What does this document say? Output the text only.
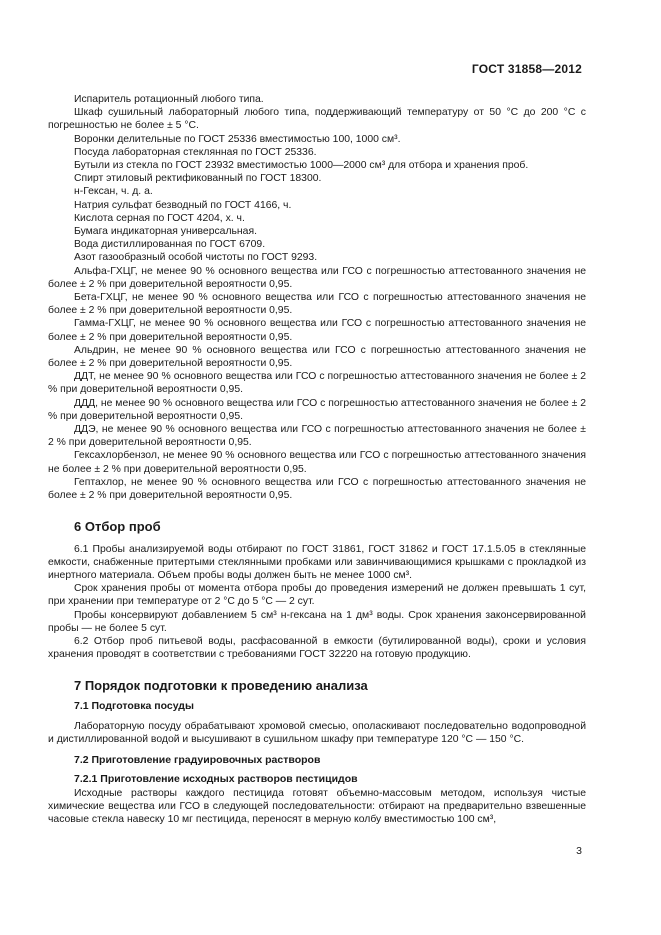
ГОСТ 31858—2012

Испаритель ротационный любого типа.

Шкаф сушильный лабораторный любого типа, поддерживающий температуру от 50 °С до 200 °С с погрешностью не более ± 5 °С.

Воронки делительные по ГОСТ 25336 вместимостью 100, 1000 см³.

Посуда лабораторная стеклянная по ГОСТ 25336.

Бутыли из стекла по ГОСТ 23932 вместимостью 1000—2000 см³ для отбора и хранения проб.

Спирт этиловый ректификованный по ГОСТ 18300.

н-Гексан, ч. д. а.

Натрия сульфат безводный по ГОСТ 4166, ч.

Кислота серная по ГОСТ 4204, х. ч.

Бумага индикаторная универсальная.

Вода дистиллированная по ГОСТ 6709.

Азот газообразный особой чистоты по ГОСТ 9293.

Альфа-ГХЦГ, не менее 90 % основного вещества или ГСО с погрешностью аттестованного значения не более ± 2 % при доверительной вероятности 0,95.

Бета-ГХЦГ, не менее 90 % основного вещества или ГСО с погрешностью аттестованного значения не более ± 2 % при доверительной вероятности 0,95.

Гамма-ГХЦГ, не менее 90 % основного вещества или ГСО с погрешностью аттестованного значения не более ± 2 % при доверительной вероятности 0,95.

Альдрин, не менее 90 % основного вещества или ГСО с погрешностью аттестованного значения не более ± 2 % при доверительной вероятности 0,95.

ДДТ, не менее 90 % основного вещества или ГСО с погрешностью аттестованного значения не более ± 2 % при доверительной вероятности 0,95.

ДДД, не менее 90 % основного вещества или ГСО с погрешностью аттестованного значения не более ± 2 % при доверительной вероятности 0,95.

ДДЭ, не менее 90 % основного вещества или ГСО с погрешностью аттестованного значения не более ± 2 % при доверительной вероятности 0,95.

Гексахлорбензол, не менее 90 % основного вещества или ГСО с погрешностью аттестованного значения не более ± 2 % при доверительной вероятности 0,95.

Гептахлор, не менее 90 % основного вещества или ГСО с погрешностью аттестованного значения не более ± 2 % при доверительной вероятности 0,95.

6 Отбор проб

6.1 Пробы анализируемой воды отбирают по ГОСТ 31861, ГОСТ 31862 и ГОСТ 17.1.5.05 в стеклянные емкости, снабженные притертыми стеклянными пробками или завинчивающимися крышками с прокладкой из инертного материала. Объем пробы воды должен быть не менее 1000 см³.

Срок хранения пробы от момента отбора пробы до проведения измерений не должен превышать 1 сут, при хранении при температуре от 2 °С до 5 °С — 2 сут.

Пробы консервируют добавлением 5 см³ н-гексана на 1 дм³ воды. Срок хранения законсервированной пробы — не более 5 сут.

6.2 Отбор проб питьевой воды, расфасованной в емкости (бутилированной воды), сроки и условия хранения проводят в соответствии с требованиями ГОСТ 32220 на готовую продукцию.

7 Порядок подготовки к проведению анализа

7.1 Подготовка посуды

Лабораторную посуду обрабатывают хромовой смесью, ополаскивают последовательно водопроводной и дистиллированной водой и высушивают в сушильном шкафу при температуре 120 °С — 150 °С.

7.2 Приготовление градуировочных растворов

7.2.1 Приготовление исходных растворов пестицидов

Исходные растворы каждого пестицида готовят объемно-массовым методом, используя чистые химические вещества или ГСО в следующей последовательности: отбирают на предварительно взвешенные часовые стекла навеску 10 мг пестицида, переносят в мерную колбу вместимостью 100 см³,

3
